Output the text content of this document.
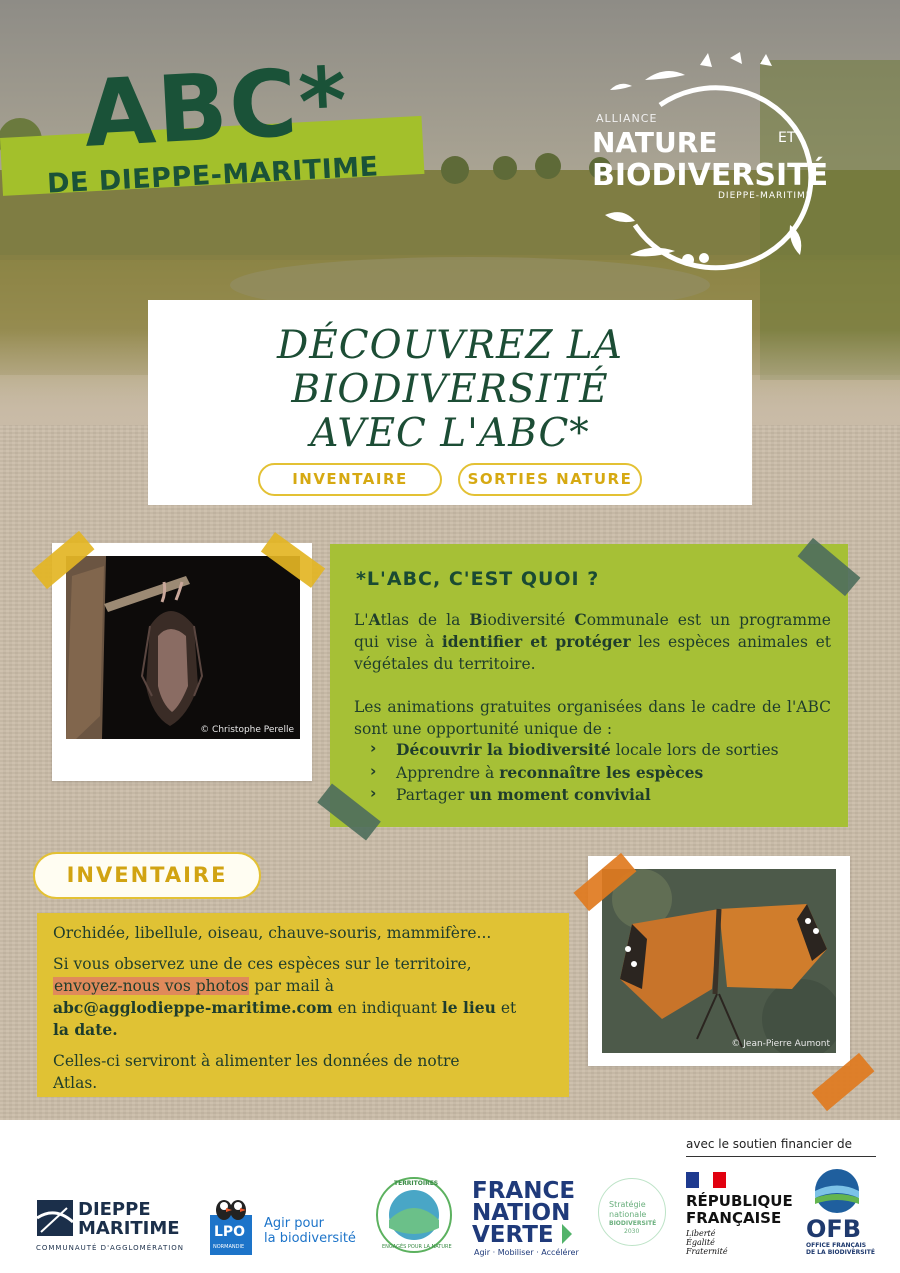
ABC*
DE DIEPPE-MARITIME
ALLIANCE
NATURE	ET
BIODIVERSITÉ
DIEPPE-MARITIME
DÉCOUVREZ LA
BIODIVERSITÉ
AVEC L'ABC*
INVENTAIRE	SORTIES NATURE
© Christophe Perelle
*L'ABC, C'EST QUOI ?
L'Atlas de la Biodiversité Communale est un programme qui vise à identifier et protéger les espèces animales et végétales du territoire.
Les animations gratuites organisées dans le cadre de l'ABC sont une opportunité unique de :
› Découvrir la biodiversité locale lors de sorties
› Apprendre à reconnaître les espèces
› Partager un moment convivial
INVENTAIRE
Orchidée, libellule, oiseau, chauve-souris, mammifère...
Si vous observez une de ces espèces sur le territoire,
envoyez-nous vos photos par mail à
abc@agglodieppe-maritime.com en indiquant le lieu et
la date.
Celles-ci serviront à alimenter les données de notre
Atlas.
© Jean-Pierre Aumont
avec le soutien financier de
DIEPPE
MARITIME
COMMUNAUTÉ D'AGGLOMÉRATION
LPO
NORMANDIE
Agir pour
la biodiversité
TERRITOIRES
ENGAGÉS POUR LA NATURE
FRANCE
NATION
VERTE
Agir · Mobiliser · Accélérer
Stratégie
nationale
BIODIVERSITÉ
2030
RÉPUBLIQUE
FRANÇAISE
Liberté
Égalité
Fraternité
OFB
OFFICE FRANÇAIS
DE LA BIODIVERSITÉ
